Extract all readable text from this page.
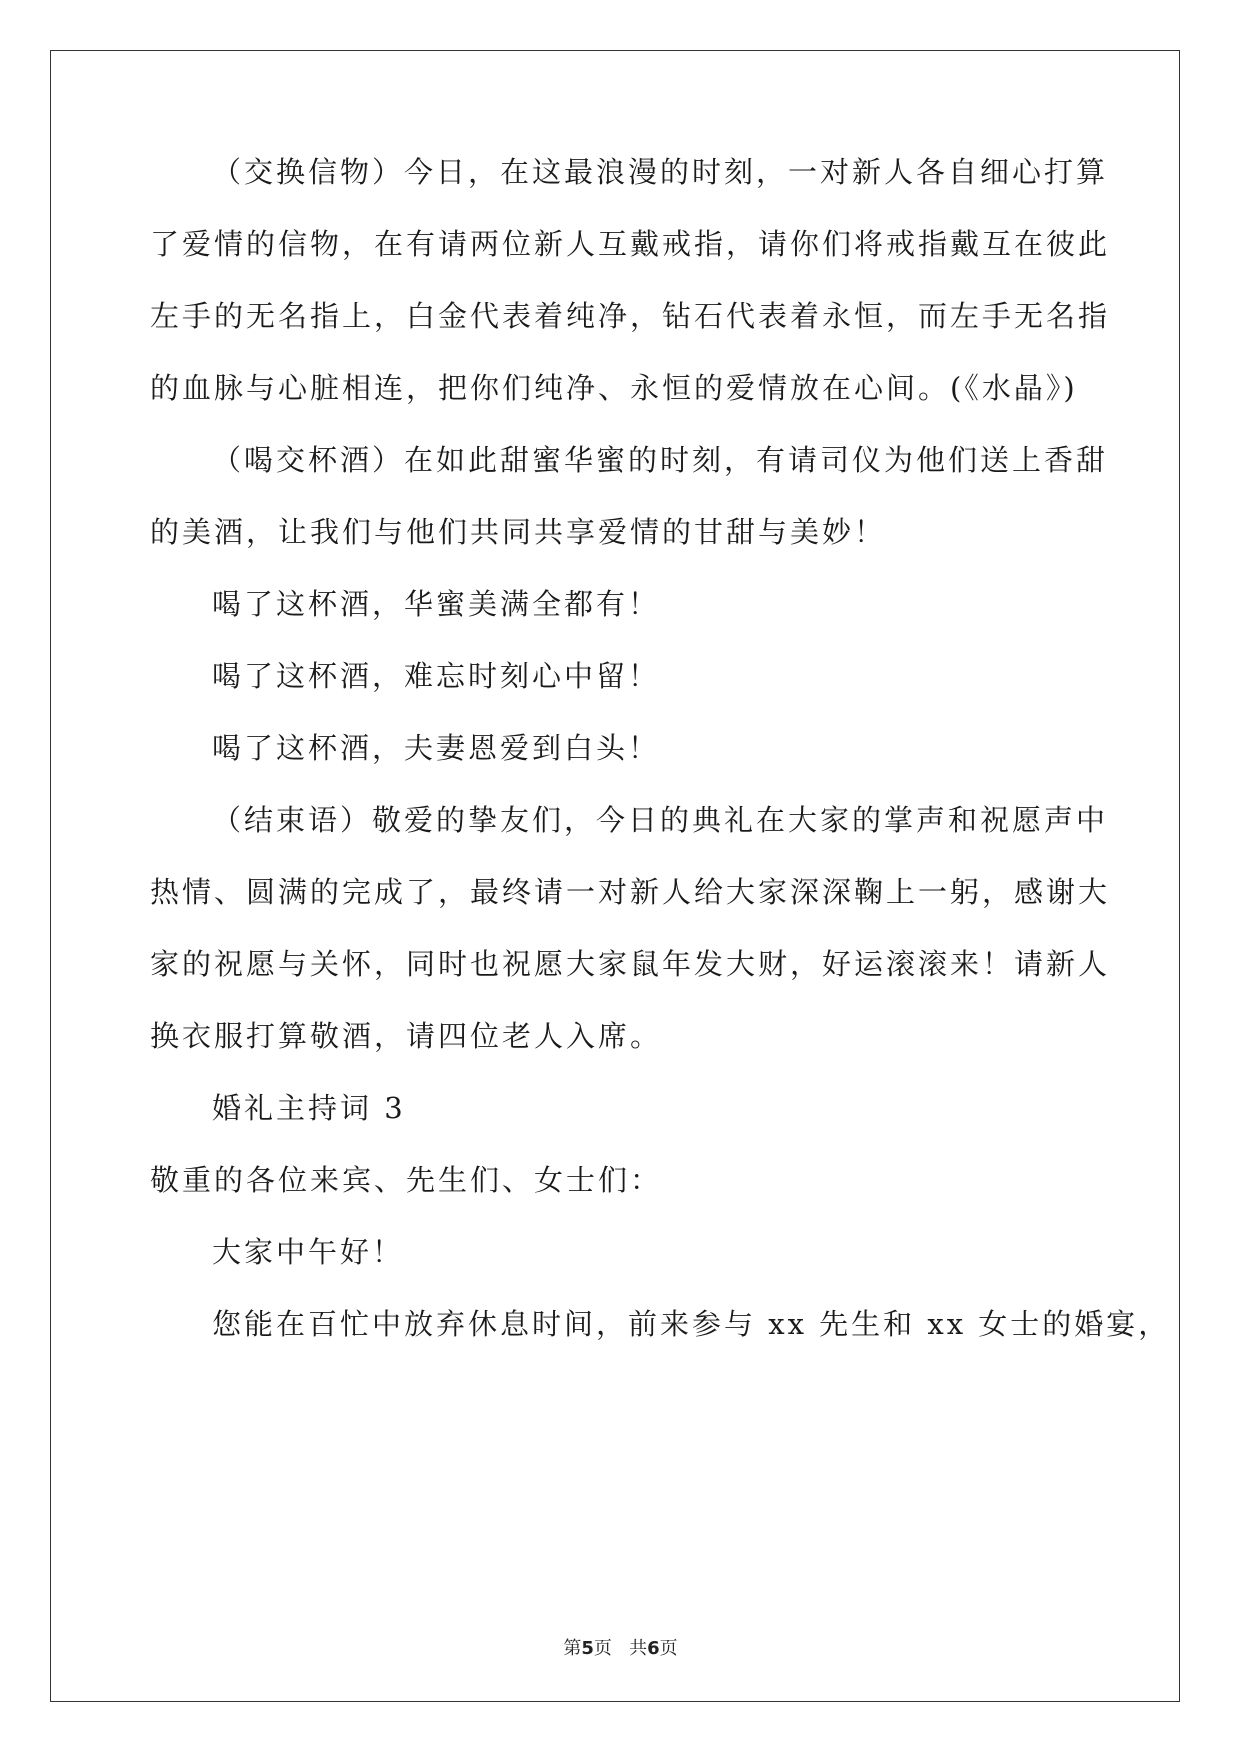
（交换信物）今日，在这最浪漫的时刻，一对新人各自细心打算
了爱情的信物，在有请两位新人互戴戒指，请你们将戒指戴互在彼此
左手的无名指上，白金代表着纯净，钻石代表着永恒，而左手无名指
的血脉与心脏相连，把你们纯净、永恒的爱情放在心间。(《水晶》)
（喝交杯酒）在如此甜蜜华蜜的时刻，有请司仪为他们送上香甜
的美酒，让我们与他们共同共享爱情的甘甜与美妙！
喝了这杯酒，华蜜美满全都有！
喝了这杯酒，难忘时刻心中留！
喝了这杯酒，夫妻恩爱到白头！
（结束语）敬爱的挚友们，今日的典礼在大家的掌声和祝愿声中
热情、圆满的完成了，最终请一对新人给大家深深鞠上一躬，感谢大
家的祝愿与关怀，同时也祝愿大家鼠年发大财，好运滚滚来！请新人
换衣服打算敬酒，请四位老人入席。
婚礼主持词 3
敬重的各位来宾、先生们、女士们：
大家中午好！
您能在百忙中放弃休息时间，前来参与 xx 先生和 xx 女士的婚宴，
第5页 共6页
